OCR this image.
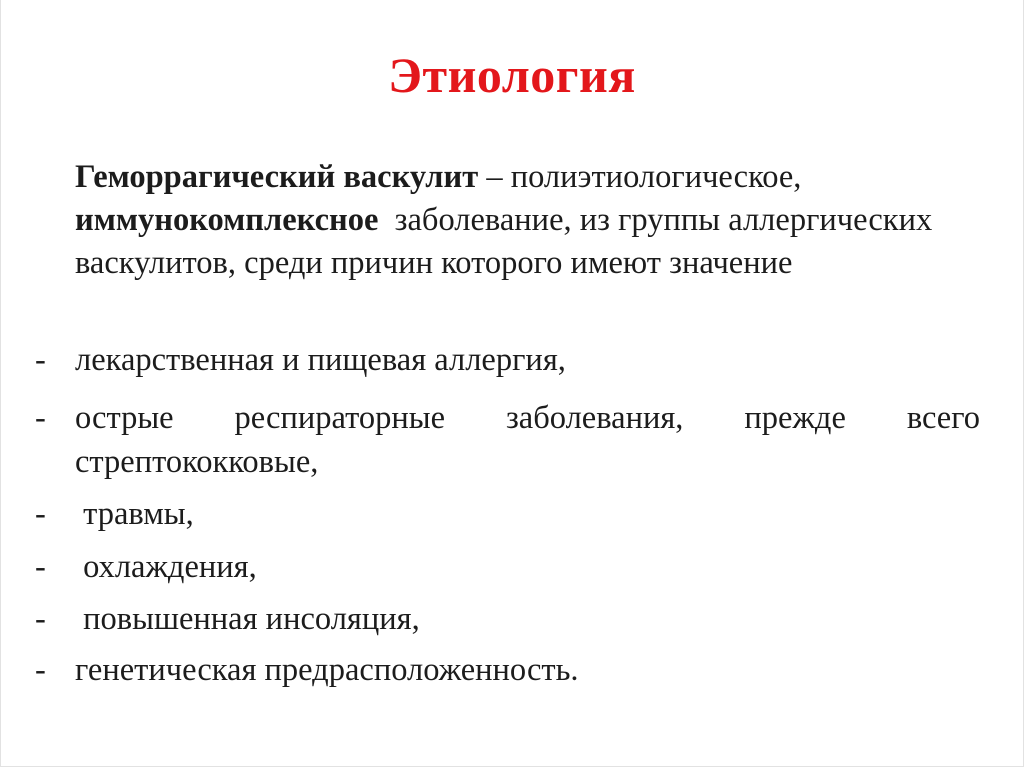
Этиология

Геморрагический васкулит – полиэтиологическое,
иммунокомплексное  заболевание, из группы аллергических васкулитов, среди причин которого имеют значение

- лекарственная и пищевая аллергия,
- острые респираторные заболевания, прежде всего стрептококковые,
- травмы,
- охлаждения,
- повышенная инсоляция,
- генетическая предрасположенность.
